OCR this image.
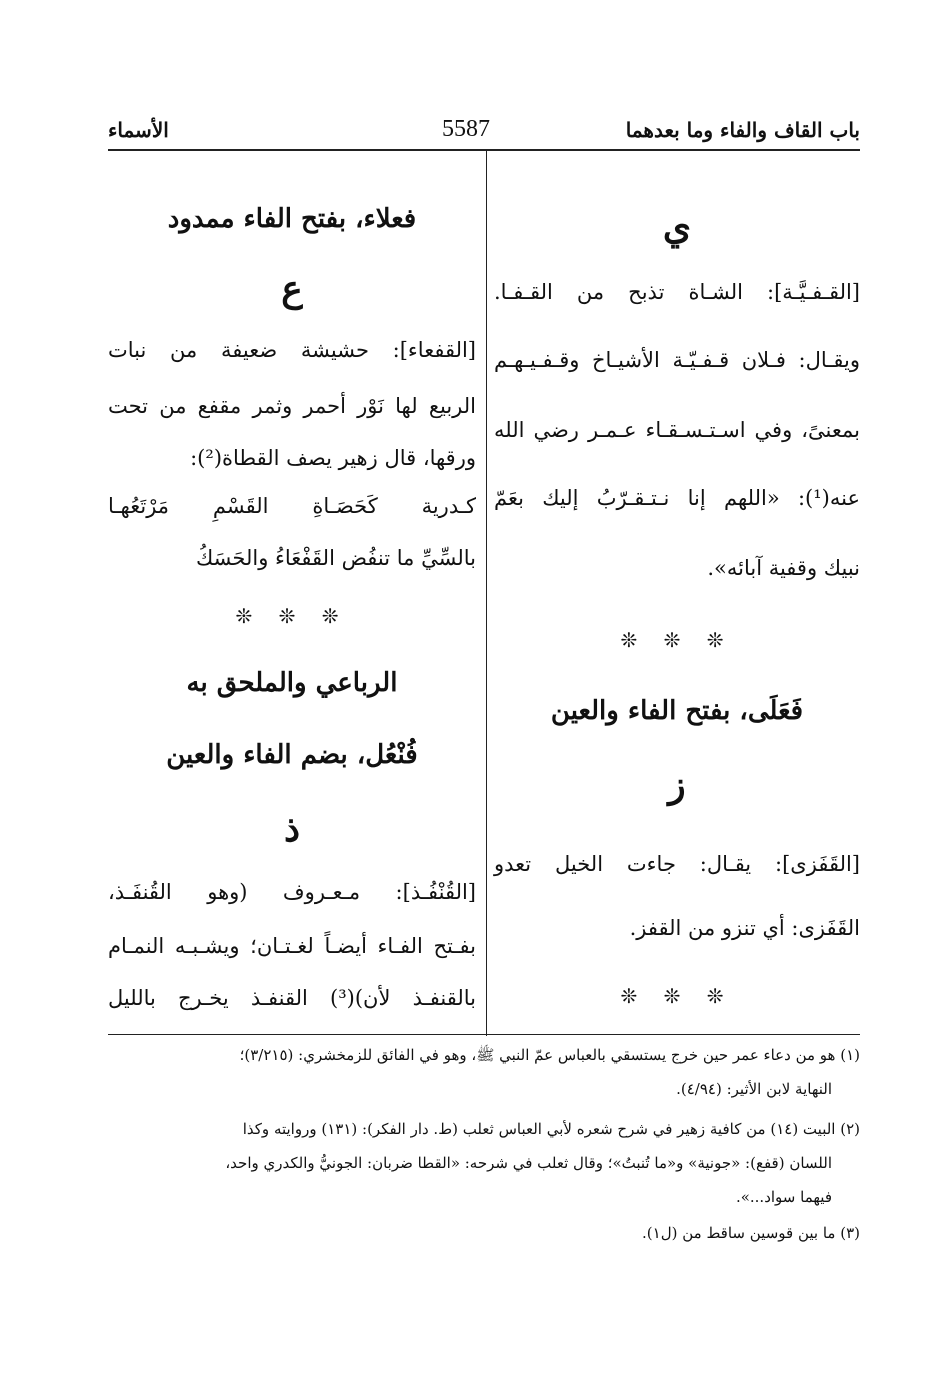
باب القاف والفاء وما بعدهما
5587
الأسماء
ي
[القـفـيَّـة]: الشـاة تذبح من القـفـا.
ويقـال: فـلان قـفـيّـة الأشيـاخ وقـفـيـهـم
بمعنىً، وفي اسـتـسـقـاء عـمـر رضي الله
عنه(¹): «اللهم إنا نـتـقـرّبُ إليك بعَمّ
نبيك وقفية آبائه».
❊ ❊ ❊
فَعَلَى، بفتح الفاء والعين
ز
[القَفَزى]: يقـال: جاءت الخيل تعدو
القَفَزى: أي تنزو من القفز.
❊ ❊ ❊
فعلاء، بفتح الفاء ممدود
ع
[القفعاء]: حشيشة ضعيفة من نبات
الربيع لها نَوْر أحمر وثمر مقفع من تحت
ورقها، قال زهير يصف القطاة(²):
كـدرية كَحَصَـاةِ القَسْمِ مَرْتَعُهـا
بالسِّيِّ ما تنفُض القَفْعَاءُ والحَسَكُ
❊ ❊ ❊
الرباعي والملحق به
فُنْعُل، بضم الفاء والعين
ذ
[القُنْفُـذ]: مـعـروف (وهو القُنفَـذ،
بفـتح الفـاء أيضـاً لغـتـان؛ ويشـبـه النمـام
بالقنفـذ لأن)(³) القنفـذ يخـرج بالليل
(١) هو من دعاء عمر حين خرج يستسقي بالعباس عمّ النبي ﷺ، وهو في الفائق للزمخشري: (٣/٢١٥)؛
النهاية لابن الأثير: (٤/٩٤).
(٢) البيت (١٤) من كافية زهير في شرح شعره لأبي العباس ثعلب (ط. دار الفكر): (١٣١) وروايته وكذا
اللسان (قفع): «جونية» و«ما تُنبتُ»؛ وقال ثعلب في شرحه: «القطا ضربان: الجونيُّ والكدري واحد،
فيهما سواد...».
(٣) ما بين قوسين ساقط من (ل١).
